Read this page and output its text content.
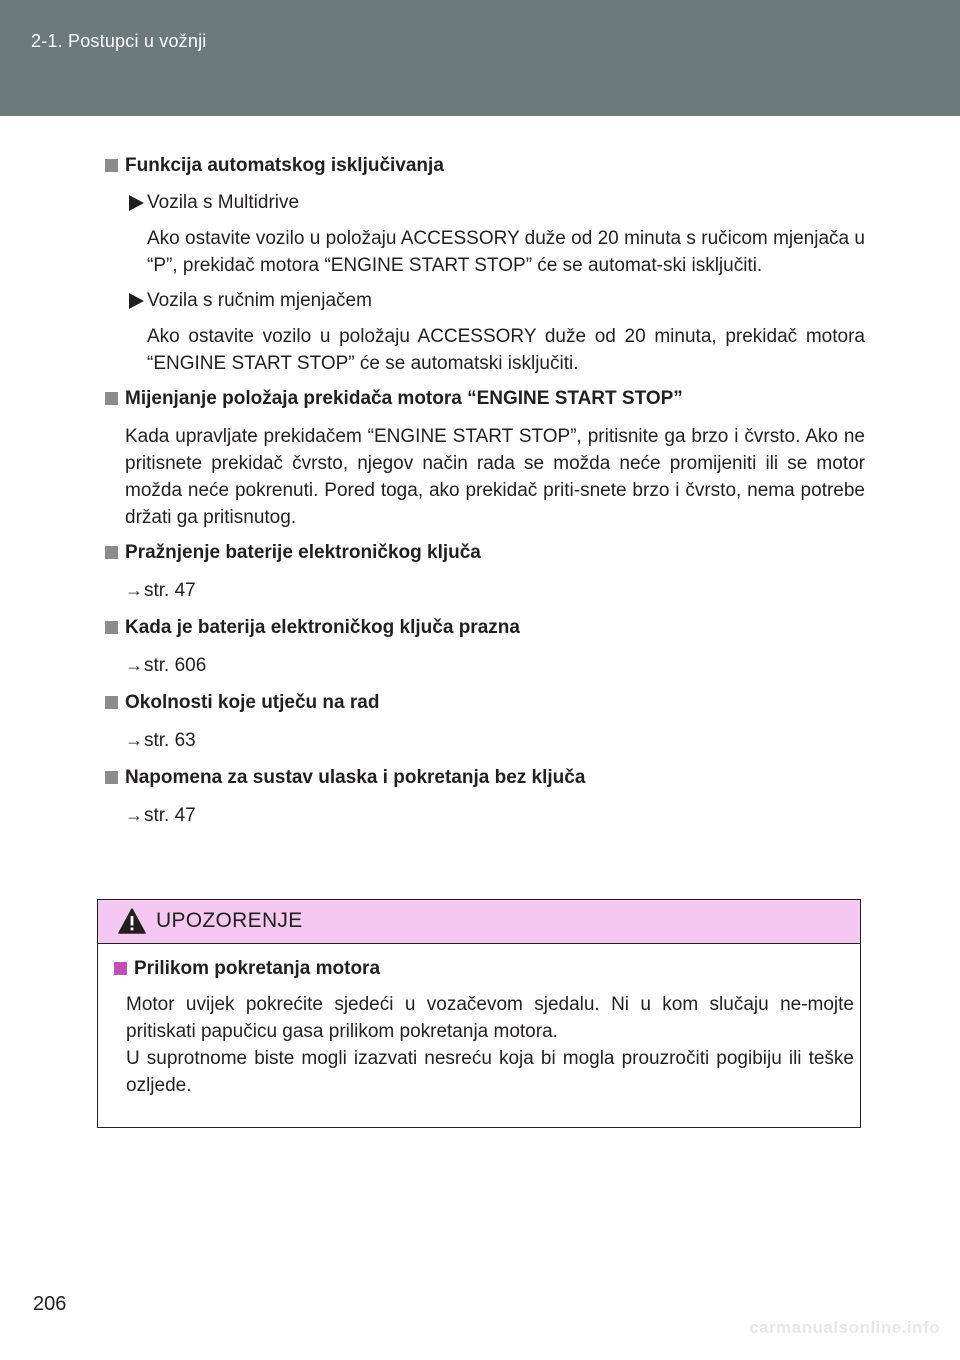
2-1. Postupci u vožnji
Funkcija automatskog isključivanja
Vozila s Multidrive
Ako ostavite vozilo u položaju ACCESSORY duže od 20 minuta s ručicom mjenjača u “P”, prekidač motora “ENGINE START STOP” će se automat-ski isključiti.
Vozila s ručnim mjenjačem
Ako ostavite vozilo u položaju ACCESSORY duže od 20 minuta, prekidač motora “ENGINE START STOP” će se automatski isključiti.
Mijenjanje položaja prekidača motora “ENGINE START STOP”
Kada upravljate prekidačem “ENGINE START STOP”, pritisnite ga brzo i čvrsto. Ako ne pritisnete prekidač čvrsto, njegov način rada se možda neće promijeniti ili se motor možda neće pokrenuti. Pored toga, ako prekidač priti-snete brzo i čvrsto, nema potrebe držati ga pritisnutog.
Pražnjenje baterije elektroničkog ključa
→str. 47
Kada je baterija elektroničkog ključa prazna
→str. 606
Okolnosti koje utječu na rad
→str. 63
Napomena za sustav ulaska i pokretanja bez ključa
→str. 47
UPOZORENJE
Prilikom pokretanja motora
Motor uvijek pokrećite sjedeći u vozačevom sjedalu. Ni u kom slučaju ne-mojte pritiskati papučicu gasa prilikom pokretanja motora.
U suprotnome biste mogli izazvati nesreću koja bi mogla prouzročiti pogibiju ili teške ozljede.
206
carmanualsonline.info
